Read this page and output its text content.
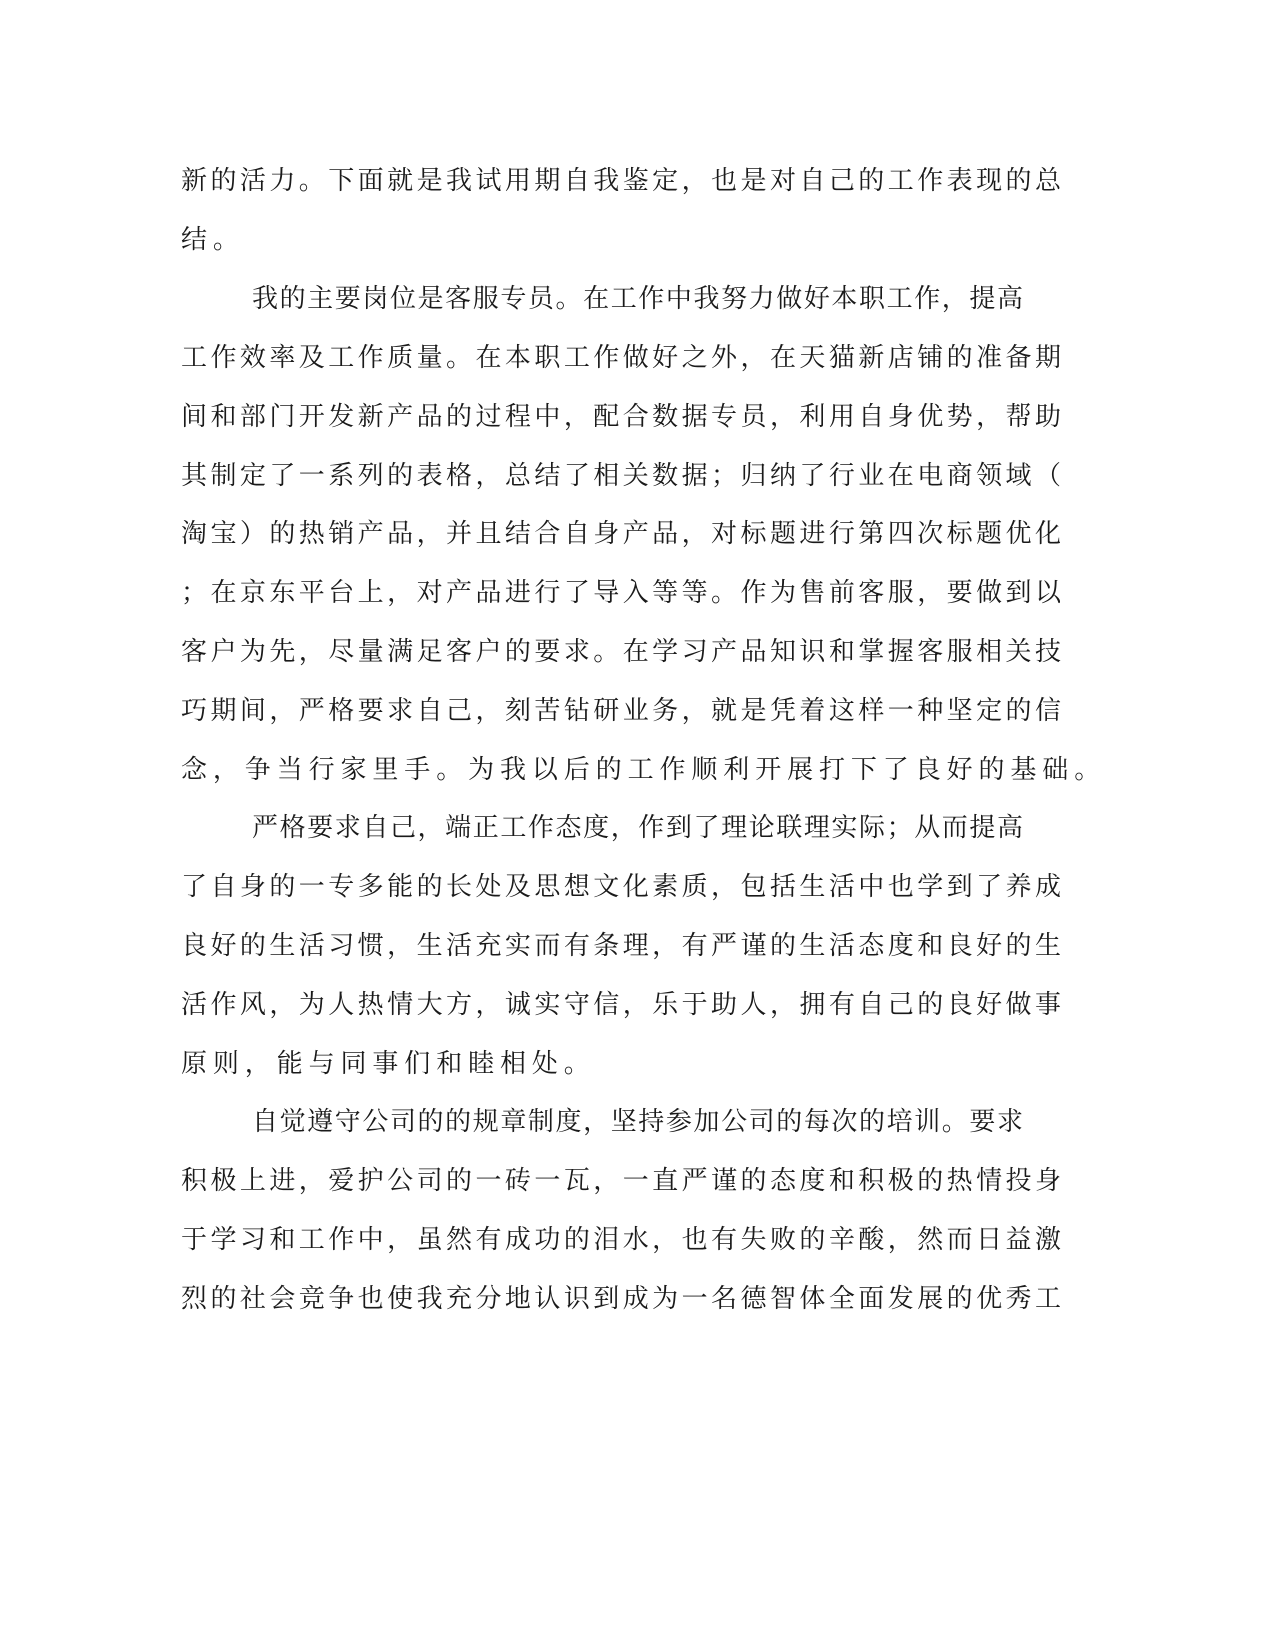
新的活力。下面就是我试用期自我鉴定，也是对自己的工作表现的总
结。
我的主要岗位是客服专员。在工作中我努力做好本职工作，提高
工作效率及工作质量。在本职工作做好之外，在天猫新店铺的准备期
间和部门开发新产品的过程中，配合数据专员，利用自身优势，帮助
其制定了一系列的表格，总结了相关数据；归纳了行业在电商领域（
淘宝）的热销产品，并且结合自身产品，对标题进行第四次标题优化
；在京东平台上，对产品进行了导入等等。作为售前客服，要做到以
客户为先，尽量满足客户的要求。在学习产品知识和掌握客服相关技
巧期间，严格要求自己，刻苦钻研业务，就是凭着这样一种坚定的信
念，争当行家里手。为我以后的工作顺利开展打下了良好的基础。
严格要求自己，端正工作态度，作到了理论联理实际；从而提高
了自身的一专多能的长处及思想文化素质，包括生活中也学到了养成
良好的生活习惯，生活充实而有条理，有严谨的生活态度和良好的生
活作风，为人热情大方，诚实守信，乐于助人，拥有自己的良好做事
原则，能与同事们和睦相处。
自觉遵守公司的的规章制度，坚持参加公司的每次的培训。要求
积极上进，爱护公司的一砖一瓦，一直严谨的态度和积极的热情投身
于学习和工作中，虽然有成功的泪水，也有失败的辛酸，然而日益激
烈的社会竞争也使我充分地认识到成为一名德智体全面发展的优秀工
